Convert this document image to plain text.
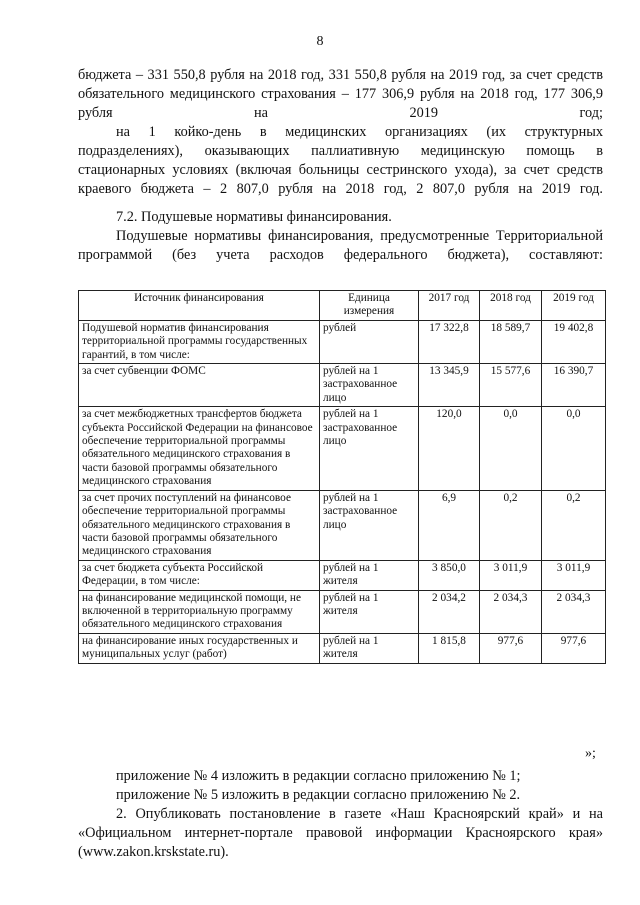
8
бюджета – 331 550,8 рубля на 2018 год, 331 550,8 рубля на 2019 год, за счет средств обязательного медицинского страхования – 177 306,9 рубля на 2018 год, 177 306,9 рубля на 2019 год;
на 1 койко-день в медицинских организациях (их структурных подразделениях), оказывающих паллиативную медицинскую помощь в стационарных условиях (включая больницы сестринского ухода), за счет средств краевого бюджета – 2 807,0 рубля на 2018 год, 2 807,0 рубля на 2019 год.
7.2. Подушевые нормативы финансирования.
Подушевые нормативы финансирования, предусмотренные Территориальной программой (без учета расходов федерального бюджета), составляют:
Источник финансирования	Единица измерения	2017 год	2018 год	2019 год
Подушевой норматив финансирования территориальной программы государственных гарантий, в том числе:	рублей	17 322,8	18 589,7	19 402,8
за счет субвенции ФОМС	рублей на 1 застрахованное лицо	13 345,9	15 577,6	16 390,7
за счет межбюджетных трансфертов бюджета субъекта Российской Федерации на финансовое обеспечение территориальной программы обязательного медицинского страхования в части базовой программы обязательного медицинского страхования	рублей на 1 застрахованное лицо	120,0	0,0	0,0
за счет прочих поступлений на финансовое обеспечение территориальной программы обязательного медицинского страхования в части базовой программы обязательного медицинского страхования	рублей на 1 застрахованное лицо	6,9	0,2	0,2
за счет бюджета субъекта Российской Федерации, в том числе:	рублей на 1 жителя	3 850,0	3 011,9	3 011,9
на финансирование медицинской помощи, не включенной в территориальную программу обязательного медицинского страхования	рублей на 1 жителя	2 034,2	2 034,3	2 034,3
на финансирование иных государственных и муниципальных услуг (работ)	рублей на 1 жителя	1 815,8	977,6	977,6
»;
приложение № 4 изложить в редакции согласно приложению № 1;
приложение № 5 изложить в редакции согласно приложению № 2.
2. Опубликовать постановление в газете «Наш Красноярский край» и на «Официальном интернет-портале правовой информации Красноярского края» (www.zakon.krskstate.ru).
